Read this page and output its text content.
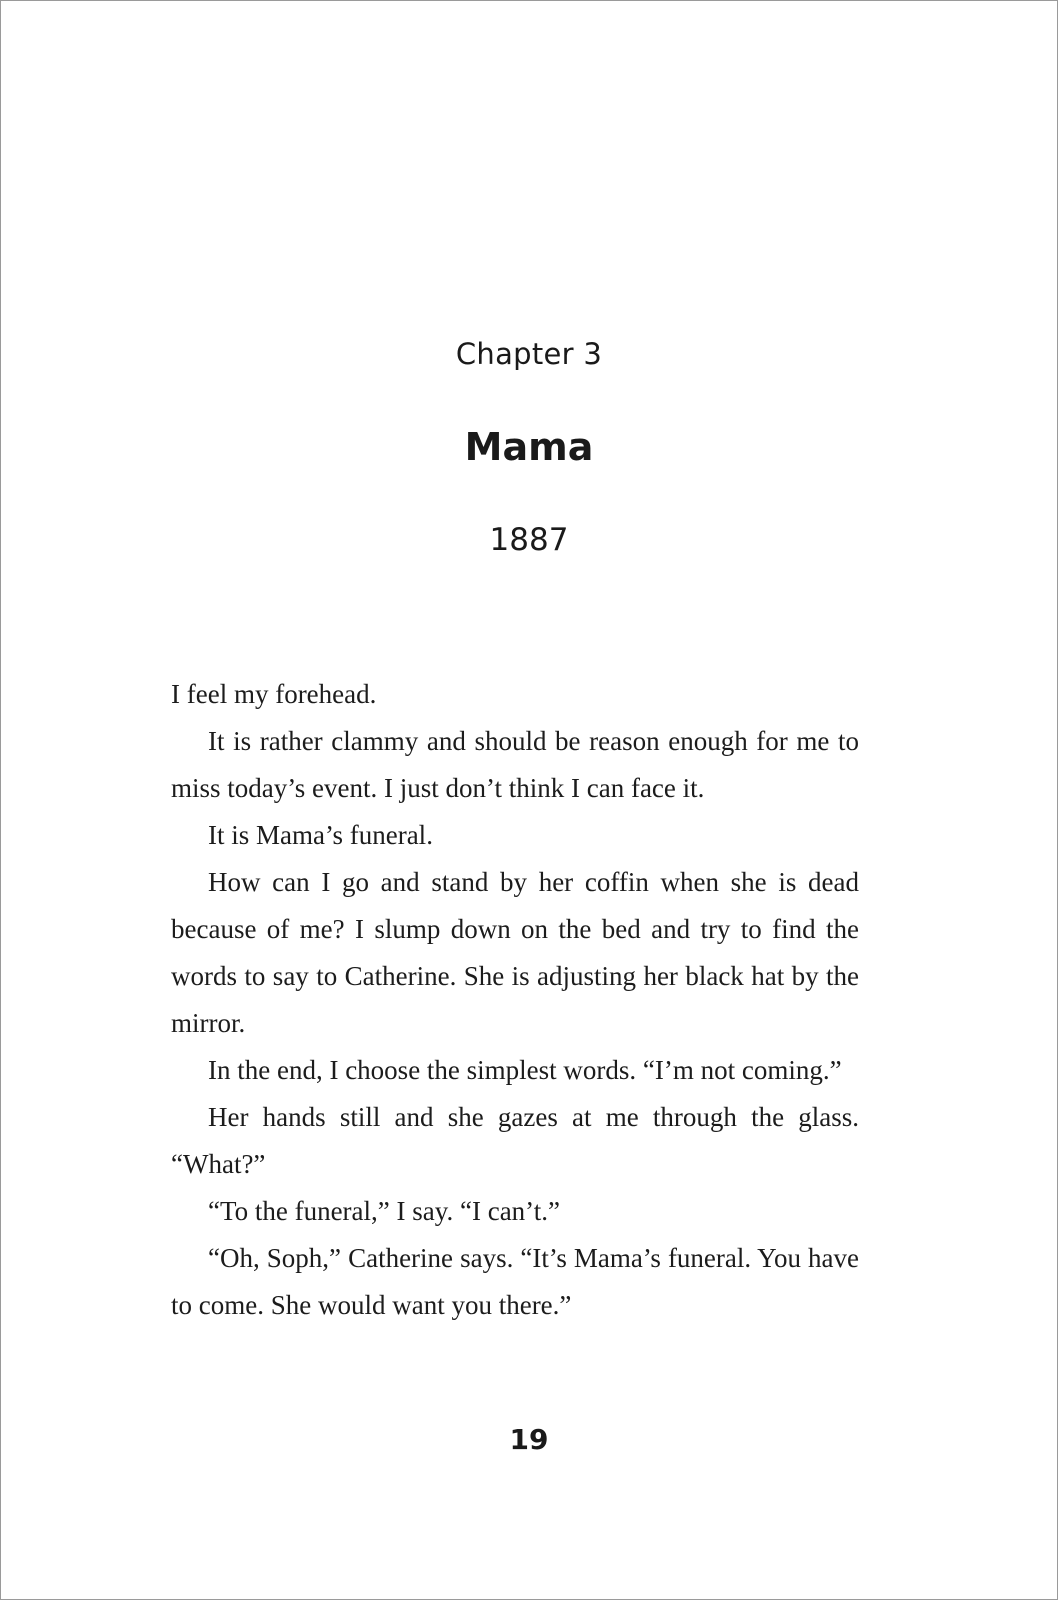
Chapter 3
Mama
1887

I feel my forehead.

It is rather clammy and should be reason enough for me to miss today’s event. I just don’t think I can face it.

It is Mama’s funeral.

How can I go and stand by her coffin when she is dead because of me? I slump down on the bed and try to find the words to say to Catherine. She is adjusting her black hat by the mirror.

In the end, I choose the simplest words. “I’m not coming.”

Her hands still and she gazes at me through the glass. “What?”

“To the funeral,” I say. “I can’t.”

“Oh, Soph,” Catherine says. “It’s Mama’s funeral. You have to come. She would want you there.”

19
